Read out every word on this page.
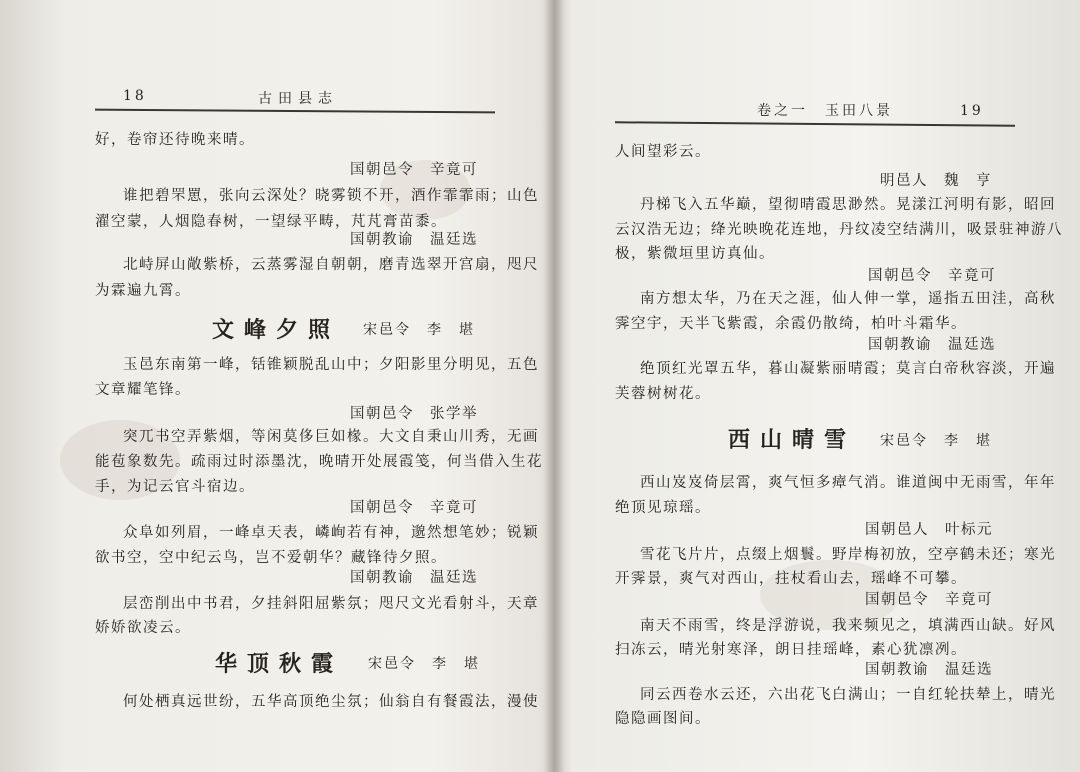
18	古田县志
好，卷帘还待晚来晴。
国朝邑令　辛竟可
谁把碧罘罳，张向云深处？晓雾锁不开，酒作霏霏雨；山色
濯空蒙，人烟隐春树，一望绿平畴，芃芃膏苗黍。
国朝教谕　温廷选
北峙屏山敞紫桥，云蒸雾湿自朝朝，磨青选翠开宫扇，咫尺
为霖遍九霄。
文峰夕照 宋邑令　李　堪
玉邑东南第一峰，铦锥颖脱乱山中；夕阳影里分明见，五色
文章耀笔锋。
国朝邑令　张学举
突兀书空弄紫烟，等闲莫侈巨如椽。大文自秉山川秀，无画
能苞象数先。疏雨过时添墨沈，晚晴开处展霞笺，何当借入生花
手，为记云官斗宿边。
国朝邑令　辛竟可
众阜如列眉，一峰卓天表，嶙峋若有神，邈然想笔妙；锐颖
欲书空，空中纪云鸟，岂不爱朝华？藏锋待夕照。
国朝教谕　温廷选
层峦削出中书君，夕挂斜阳屈紫氛；咫尺文光看射斗，天章
娇娇欲凌云。
华顶秋霞 宋邑令　李　堪
何处栖真远世纷，五华高顶绝尘氛；仙翁自有餐霞法，漫使
卷之一　玉田八景	19
人间望彩云。
明邑人　魏　亨
丹梯飞入五华巅，望彻晴霞思渺然。晃漾江河明有影，昭回
云汉浩无边；绛光映晚花连地，丹纹凌空结满川，吸景驻神游八
极，紫微垣里访真仙。
国朝邑令　辛竟可
南方想太华，乃在天之涯，仙人伸一掌，遥指五田洼，高秋
霁空宇，天半飞紫霞，余霞仍散绮，柏叶斗霜华。
国朝教谕　温廷选
绝顶红光罩五华，暮山凝紫丽晴霞；莫言白帝秋容淡，开遍
芙蓉树树花。
西山晴雪 宋邑令　李　堪
西山岌岌倚层霄，爽气恒多瘴气消。谁道闽中无雨雪，年年
绝顶见琼瑶。
国朝邑人　叶标元
雪花飞片片，点缀上烟鬟。野岸梅初放，空亭鹤未还；寒光
开霁景，爽气对西山，拄杖看山去，瑶峰不可攀。
国朝邑令　辛竟可
南天不雨雪，终是浮游说，我来频见之，填满西山缺。好风
扫冻云，晴光射寒泽，朗日挂瑶峰，素心犹凛冽。
国朝教谕　温廷选
同云西卷水云还，六出花飞白满山；一自红轮扶辇上，晴光
隐隐画图间。
